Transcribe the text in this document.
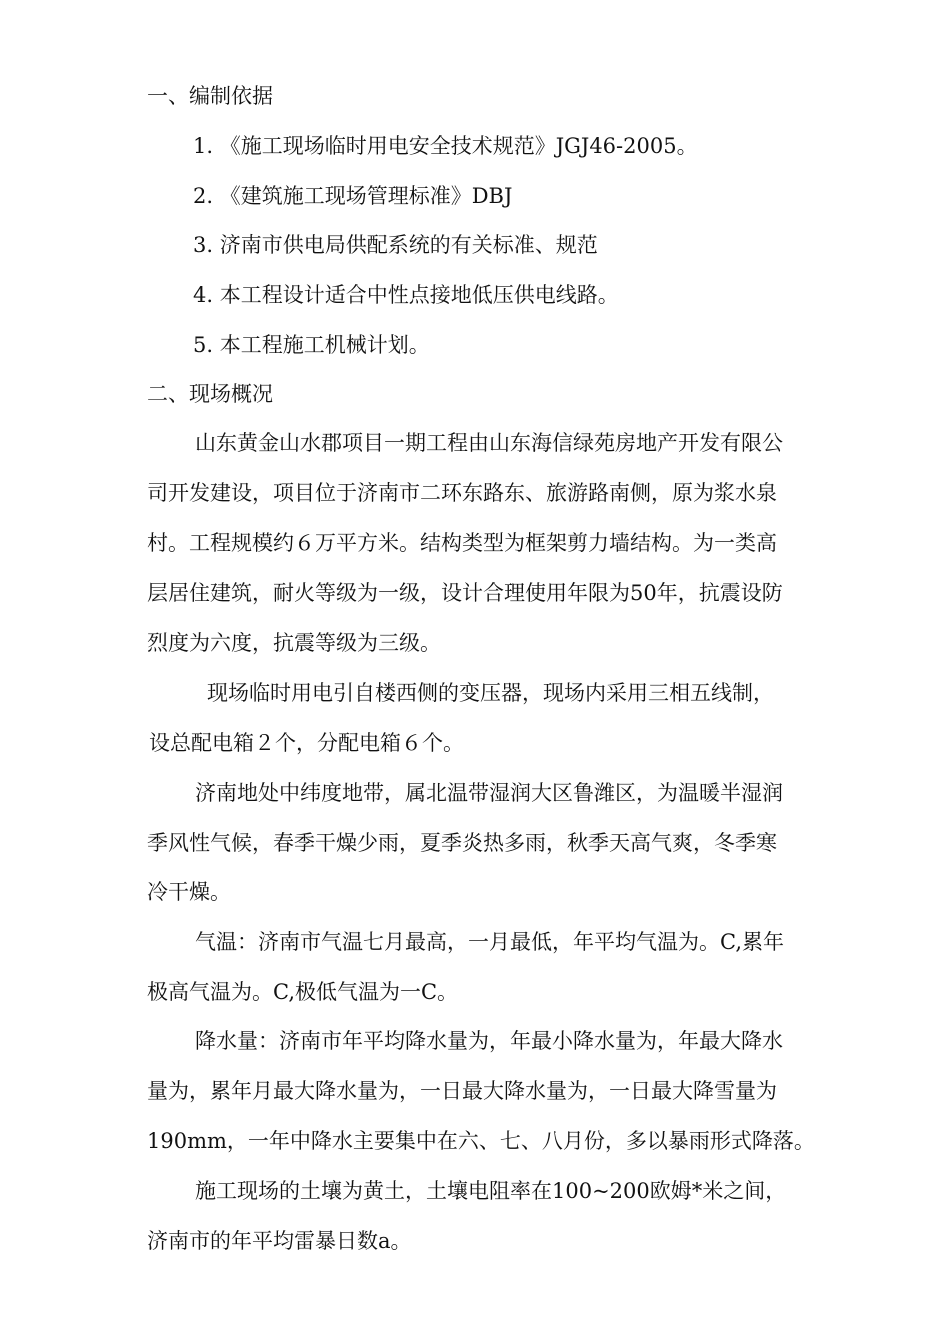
一、编制依据
1. 《施工现场临时用电安全技术规范》JGJ46-2005。
2. 《建筑施工现场管理标准》DBJ
3. 济南市供电局供配系统的有关标准、规范
4. 本工程设计适合中性点接地低压供电线路。
5. 本工程施工机械计划。
二、现场概况
山东黄金山水郡项目一期工程由山东海信绿苑房地产开发有限公
司开发建设，项目位于济南市二环东路东、旅游路南侧，原为浆水泉
村。工程规模约６万平方米。结构类型为框架剪力墙结构。为一类高
层居住建筑，耐火等级为一级，设计合理使用年限为50年，抗震设防
烈度为六度，抗震等级为三级。
现场临时用电引自楼西侧的变压器，现场内采用三相五线制，
设总配电箱２个，分配电箱６个。
济南地处中纬度地带，属北温带湿润大区鲁潍区，为温暖半湿润
季风性气候，春季干燥少雨，夏季炎热多雨，秋季天高气爽，冬季寒
冷干燥。
气温：济南市气温七月最高，一月最低，年平均气温为。C,累年
极高气温为。C,极低气温为一C。
降水量：济南市年平均降水量为，年最小降水量为，年最大降水
量为，累年月最大降水量为，一日最大降水量为，一日最大降雪量为
190mm，一年中降水主要集中在六、七、八月份，多以暴雨形式降落。
施工现场的土壤为黄土，土壤电阻率在100~200欧姆*米之间，
济南市的年平均雷暴日数a。
